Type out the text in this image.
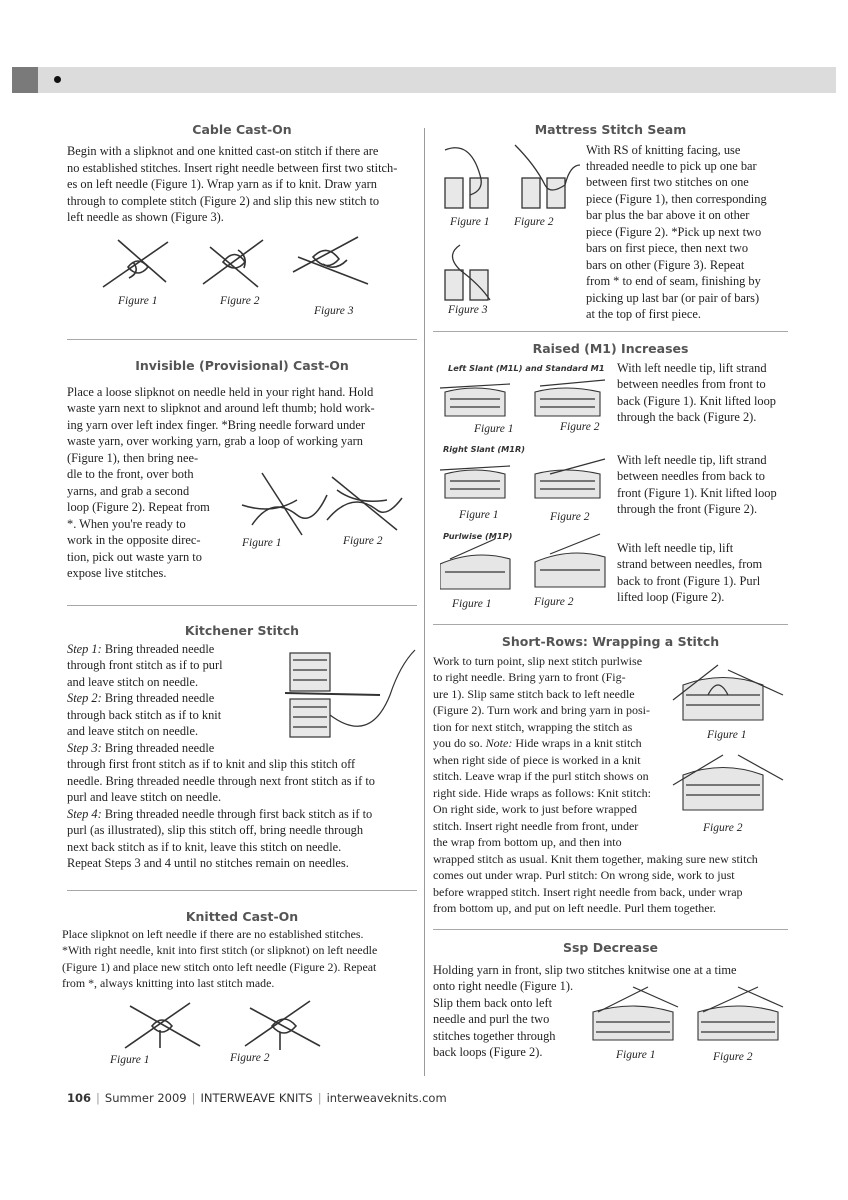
Cable Cast-On
Begin with a slipknot and one knitted cast-on stitch if there are
no established stitches. Insert right needle between first two stitch-
es on left needle (Figure 1). Wrap yarn as if to knit. Draw yarn
through to complete stitch (Figure 2) and slip this new stitch to
left needle as shown (Figure 3).
Figure 1	Figure 2
Figure 3
Invisible (Provisional) Cast-On
Place a loose slipknot on needle held in your right hand. Hold
waste yarn next to slipknot and around left thumb; hold work-
ing yarn over left index finger. *Bring needle forward under
waste yarn, over working yarn, grab a loop of working yarn
(Figure 1), then bring nee-
dle to the front, over both
yarns, and grab a second
loop (Figure 2). Repeat from
*. When you're ready to
work in the opposite direc-
tion, pick out waste yarn to
expose live stitches.
Figure 1	Figure 2
Kitchener Stitch
Step 1: Bring threaded needle
through front stitch as if to purl
and leave stitch on needle.
Step 2: Bring threaded needle
through back stitch as if to knit
and leave stitch on needle.
Step 3: Bring threaded needle
through first front stitch as if to knit and slip this stitch off
needle. Bring threaded needle through next front stitch as if to
purl and leave stitch on needle.
Step 4: Bring threaded needle through first back stitch as if to
purl (as illustrated), slip this stitch off, bring needle through
next back stitch as if to knit, leave this stitch on needle.
Repeat Steps 3 and 4 until no stitches remain on needles.
Knitted Cast-On
Place slipknot on left needle if there are no established stitches.
*With right needle, knit into first stitch (or slipknot) on left needle
(Figure 1) and place new stitch onto left needle (Figure 2). Repeat
from *, always knitting into last stitch made.
Figure 1	Figure 2
Mattress Stitch Seam
Figure 1 Figure 2
Figure 3
With RS of knitting facing, use
threaded needle to pick up one bar
between first two stitches on one
piece (Figure 1), then corresponding
bar plus the bar above it on other
piece (Figure 2). *Pick up next two
bars on first piece, then next two
bars on other (Figure 3). Repeat
from * to end of seam, finishing by
picking up last bar (or pair of bars)
at the top of first piece.
Raised (M1) Increases
Left Slant (M1L) and Standard M1
Right Slant (M1R)
Purlwise (M1P)
Figure 1	Figure 2
Figure 1	Figure 2
Figure 1	Figure 2
With left needle tip, lift strand
between needles from front to
back (Figure 1). Knit lifted loop
through the back (Figure 2).
With left needle tip, lift strand
between needles from back to
front (Figure 1). Knit lifted loop
through the front (Figure 2).
With left needle tip, lift
strand between needles, from
back to front (Figure 1). Purl
lifted loop (Figure 2).
Short-Rows: Wrapping a Stitch
Work to turn point, slip next stitch purlwise
to right needle. Bring yarn to front (Fig-
ure 1). Slip same stitch back to left needle
(Figure 2). Turn work and bring yarn in posi-
tion for next stitch, wrapping the stitch as
you do so. Note: Hide wraps in a knit stitch
when right side of piece is worked in a knit
stitch. Leave wrap if the purl stitch shows on
right side. Hide wraps as follows: Knit stitch:
On right side, work to just before wrapped
stitch. Insert right needle from front, under
the wrap from bottom up, and then into
wrapped stitch as usual. Knit them together, making sure new stitch
comes out under wrap. Purl stitch: On wrong side, work to just
before wrapped stitch. Insert right needle from back, under wrap
from bottom up, and put on left needle. Purl them together.
Figure 1
Figure 2
Ssp Decrease
Holding yarn in front, slip two stitches knitwise one at a time
onto right needle (Figure 1).
Slip them back onto left
needle and purl the two
stitches together through
back loops (Figure 2).	Figure 1	Figure 2
106 | Summer 2009 | INTERWEAVE KNITS | interweaveknits.com
